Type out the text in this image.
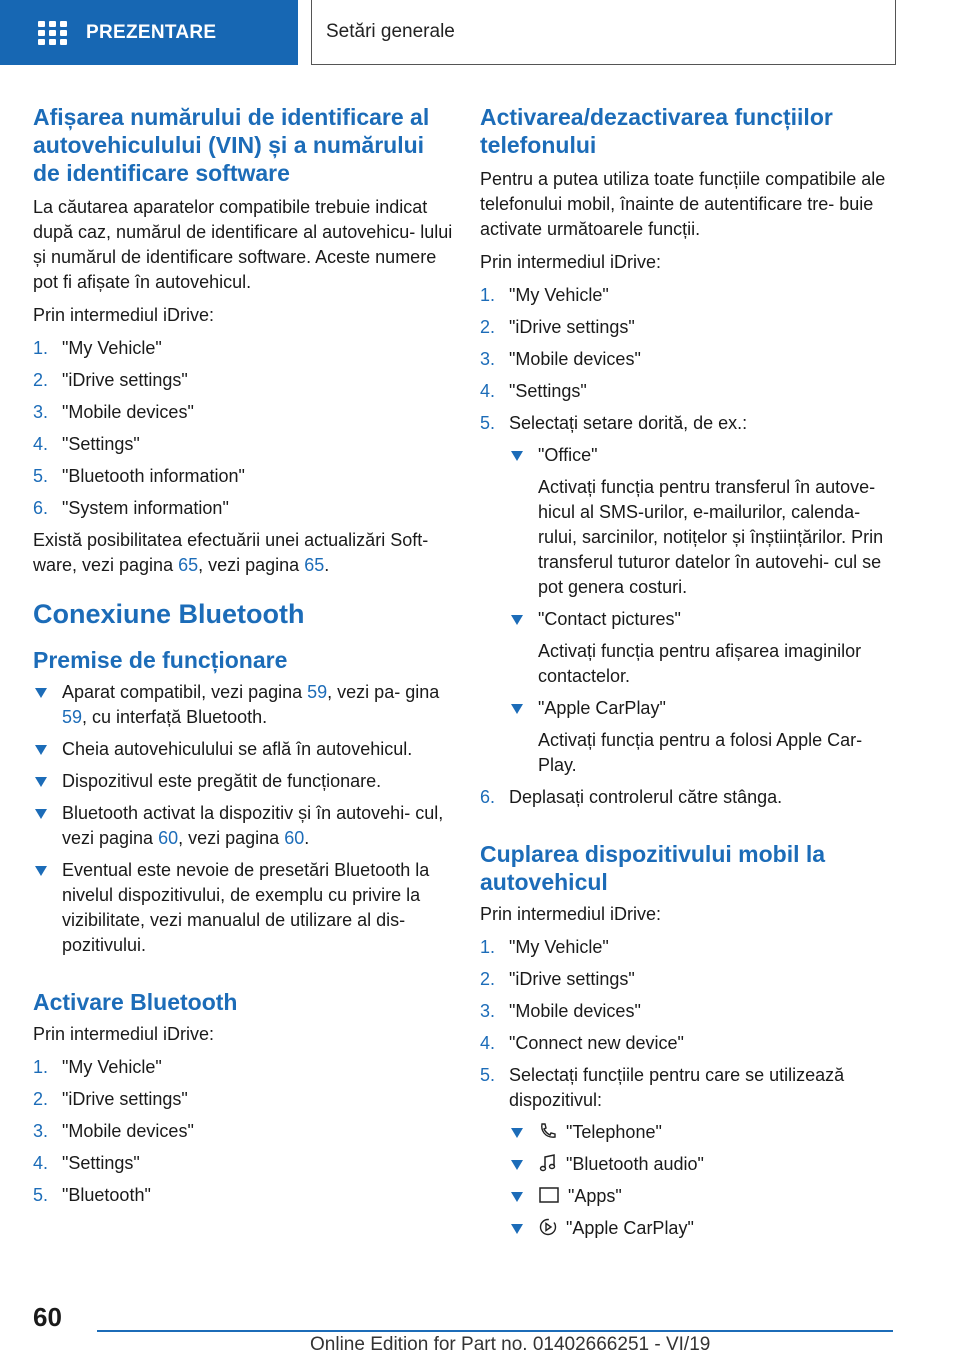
PREZENTARE	Setări generale
Afișarea numărului de identificare al autovehiculului (VIN) și a numărului de identificare software

La căutarea aparatelor compatibile trebuie indicat după caz, numărul de identificare al autovehicu- lului și numărul de identificare software. Aceste numere pot fi afișate în autovehicul.

Prin intermediul iDrive:

1. "My Vehicle"
2. "iDrive settings"
3. "Mobile devices"
4. "Settings"
5. "Bluetooth information"
6. "System information"

Există posibilitatea efectuării unei actualizări Soft- ware, vezi pagina 65, vezi pagina 65.

Conexiune Bluetooth
Premise de funcționare
Aparat compatibil, vezi pagina 59, vezi pa- gina 59, cu interfață Bluetooth.
Cheia autovehiculului se află în autovehicul.
Dispozitivul este pregătit de funcționare.
Bluetooth activat la dispozitiv și în autovehi- cul, vezi pagina 60, vezi pagina 60.
Eventual este nevoie de presetări Bluetooth la nivelul dispozitivului, de exemplu cu privire la vizibilitate, vezi manualul de utilizare al dis- pozitivului.
Activare Bluetooth

Prin intermediul iDrive:

1. "My Vehicle"
2. "iDrive settings"
3. "Mobile devices"
4. "Settings"
5. "Bluetooth"
Activarea/dezactivarea funcțiilor telefonului

Pentru a putea utiliza toate funcțiile compatibile ale telefonului mobil, înainte de autentificare tre- buie activate următoarele funcții.

Prin intermediul iDrive:

1. "My Vehicle"
2. "iDrive settings"
3. "Mobile devices"
4. "Settings"
5. Selectați setare dorită, de ex.:
"Office"
Activați funcția pentru transferul în autove- hicul al SMS-urilor, e-mailurilor, calenda- rului, sarcinilor, notițelor și înștiințărilor. Prin transferul tuturor datelor în autovehi- cul se pot genera costuri.
"Contact pictures"
Activați funcția pentru afișarea imaginilor contactelor.
"Apple CarPlay"
Activați funcția pentru a folosi Apple Car- Play.
6. Deplasați controlerul către stânga.
Cuplarea dispozitivului mobil la autovehicul

Prin intermediul iDrive:

1. "My Vehicle"
2. "iDrive settings"
3. "Mobile devices"
4. "Connect new device"
5. Selectați funcțiile pentru care se utilizează dispozitivul:
"Telephone"
"Bluetooth audio"
"Apps"
"Apple CarPlay"
60
Online Edition for Part no. 01402666251 - VI/19
